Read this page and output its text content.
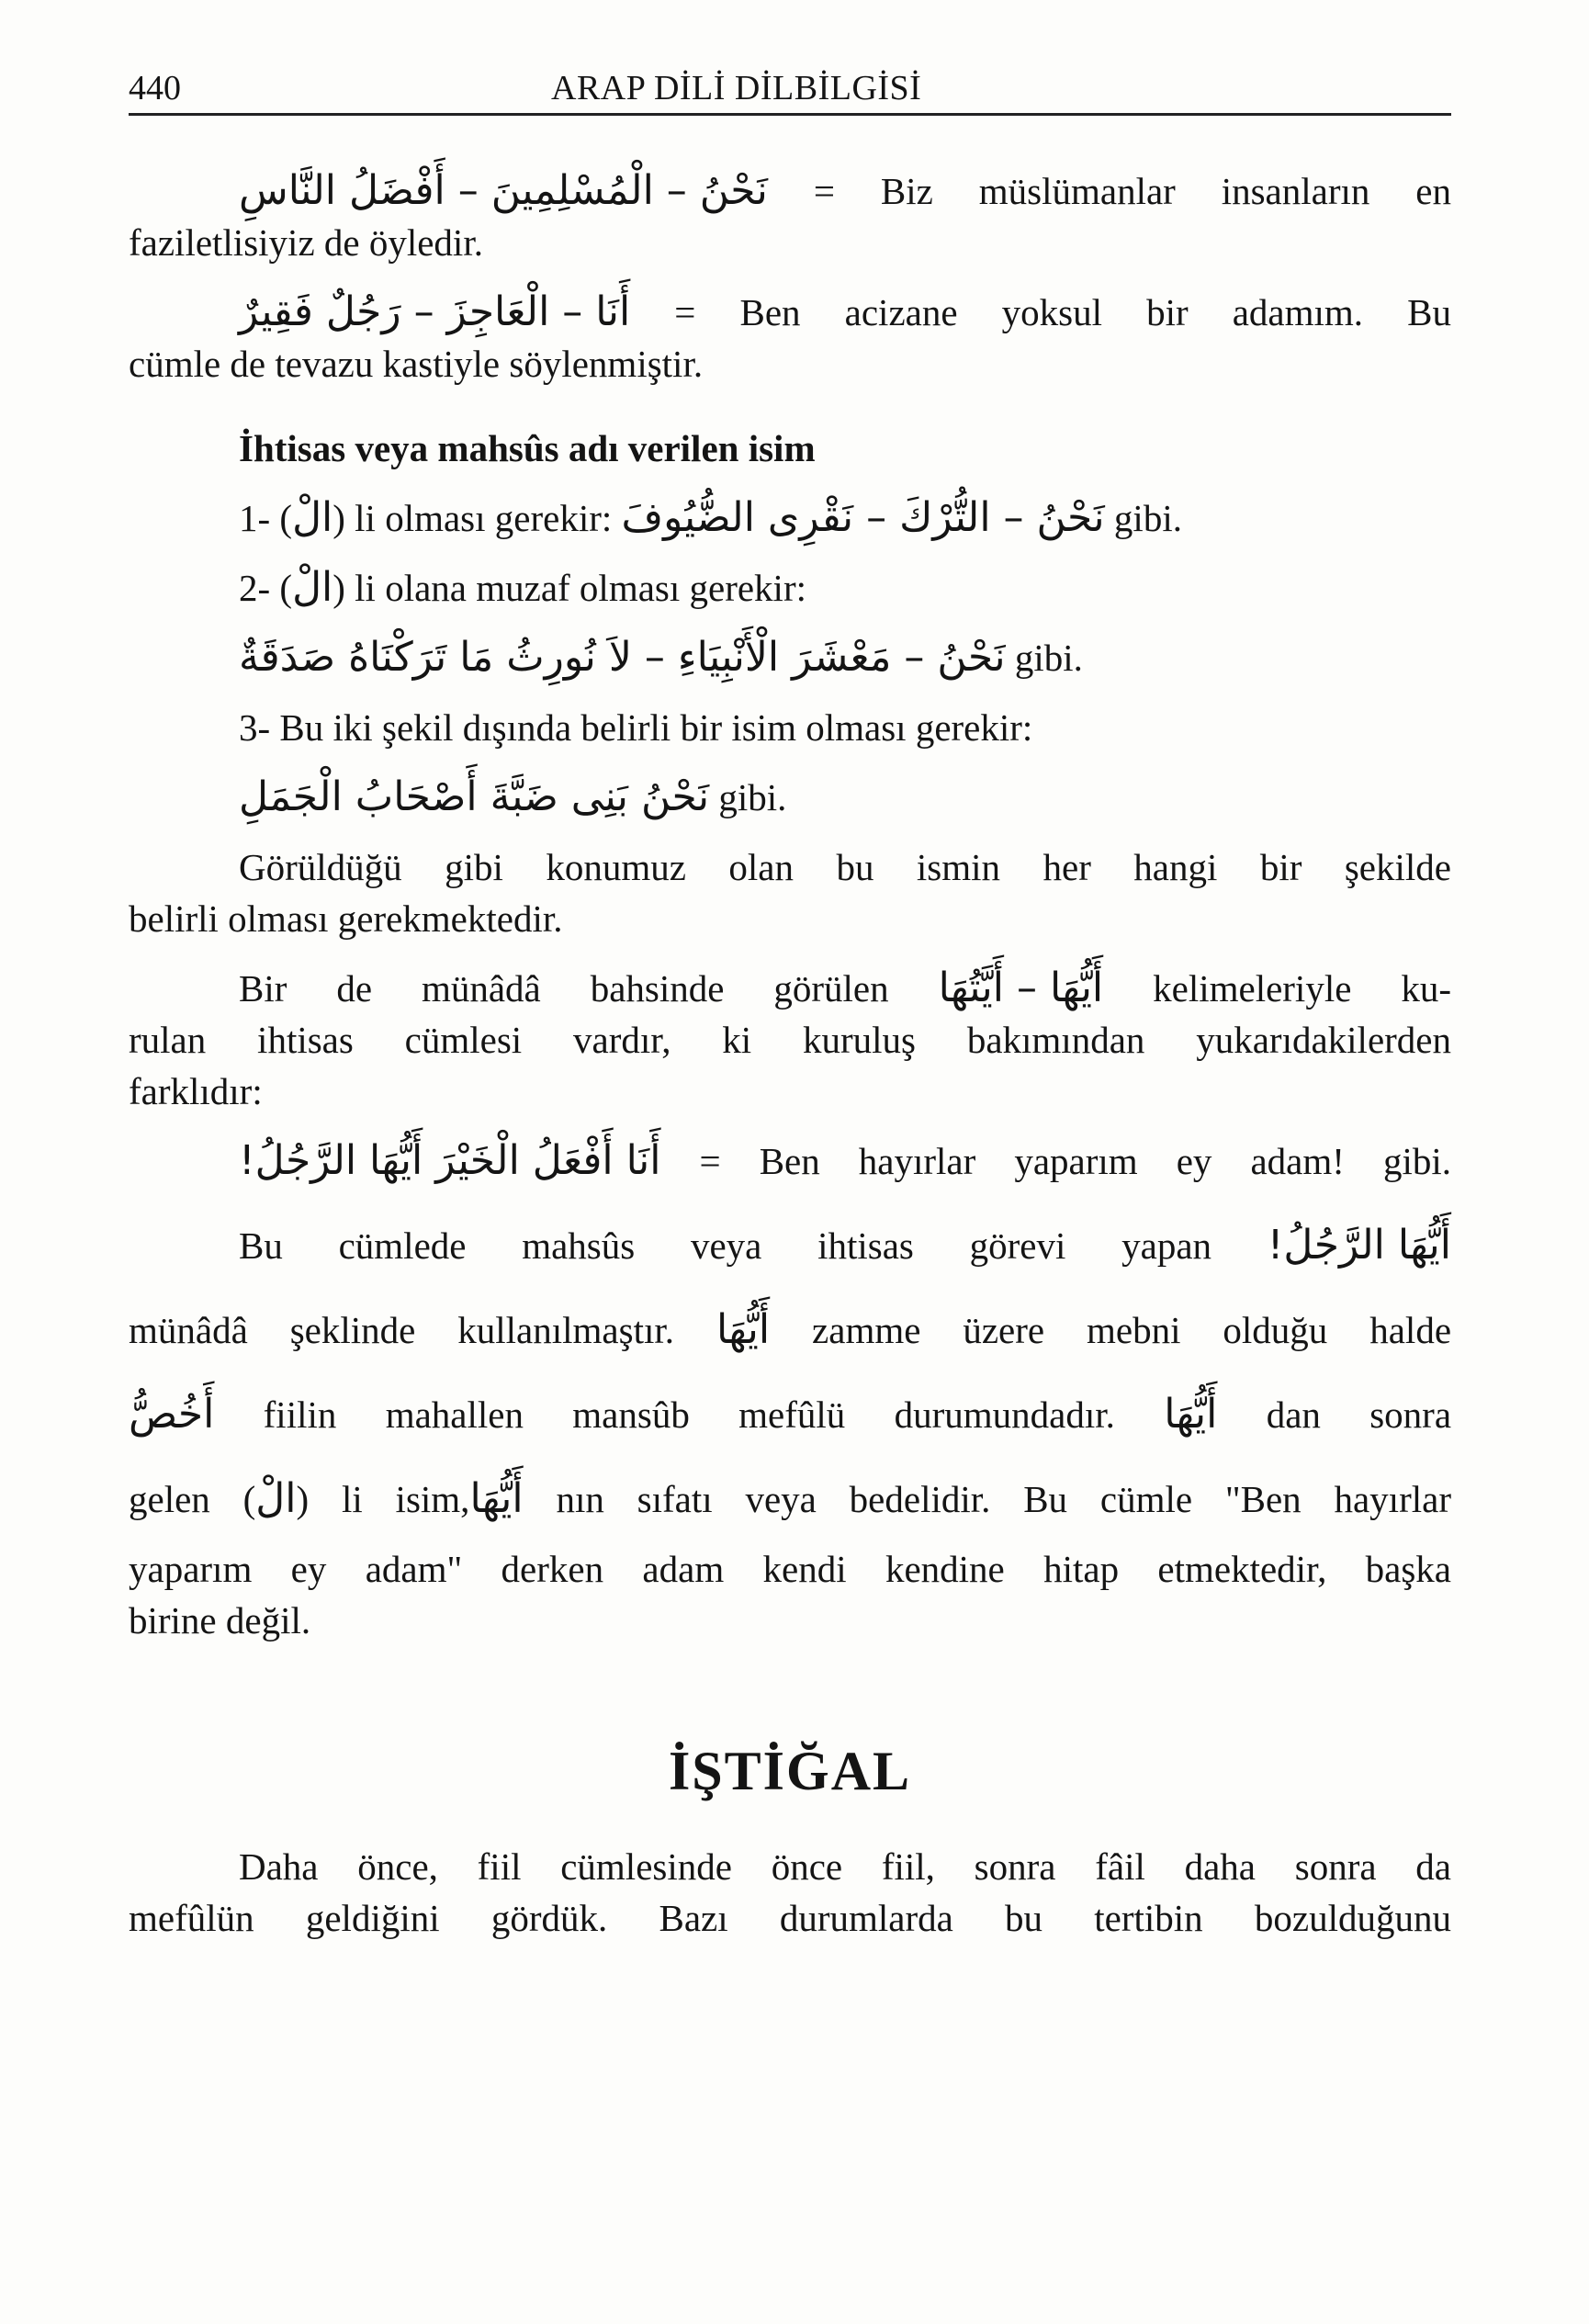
440	ARAP DİLİ DİLBİLGİSİ
نَحْنُ – الْمُسْلِمِينَ – أَفْضَلُ النَّاسِ = Biz müslümanlar insanların en
faziletlisiyiz de öyledir.
أَنَا – الْعَاجِزَ – رَجُلٌ فَقِيرٌ = Ben acizane yoksul bir adamım. Bu
cümle de tevazu kastiyle söylenmiştir.
İhtisas veya mahsûs adı verilen isim
1- (الْ) li olması gerekir: نَحْنُ – التُّرْكَ – نَقْرِى الضُّيُوفَ gibi.
2- (الْ) li olana muzaf olması gerekir:
نَحْنُ – مَعْشَرَ الْأَنْبِيَاءِ – لاَ نُورِثُ مَا تَرَكْنَاهُ صَدَقَةٌ gibi.
3- Bu iki şekil dışında belirli bir isim olması gerekir:
نَحْنُ بَنِى ضَبَّةَ أَصْحَابُ الْجَمَلِ gibi.
Görüldüğü gibi konumuz olan bu ismin her hangi bir şekilde
belirli olması gerekmektedir.
Bir de münâdâ bahsinde görülen أَيُّهَا – أَيَّتُهَا kelimeleriyle ku-
rulan ihtisas cümlesi vardır, ki kuruluş bakımından yukarıdakilerden
farklıdır:
أَنَا أَفْعَلُ الْخَيْرَ أَيُّهَا الرَّجُلُ! = Ben hayırlar yaparım ey adam! gibi.
Bu cümlede mahsûs veya ihtisas görevi yapan أَيُّهَا الرَّجُلُ!
münâdâ şeklinde kullanılmaştır. أَيُّهَا zamme üzere mebni olduğu halde
أَخُصُّ fiilin mahallen mansûb mefûlü durumundadır. أَيُّهَا dan sonra
gelen (الْ) li isim,أَيُّهَا nın sıfatı veya bedelidir. Bu cümle "Ben hayırlar
yaparım ey adam" derken adam kendi kendine hitap etmektedir, başka
birine değil.
İŞTİĞAL
Daha önce, fiil cümlesinde önce fiil, sonra fâil daha sonra da
mefûlün geldiğini gördük. Bazı durumlarda bu tertibin bozulduğunu
